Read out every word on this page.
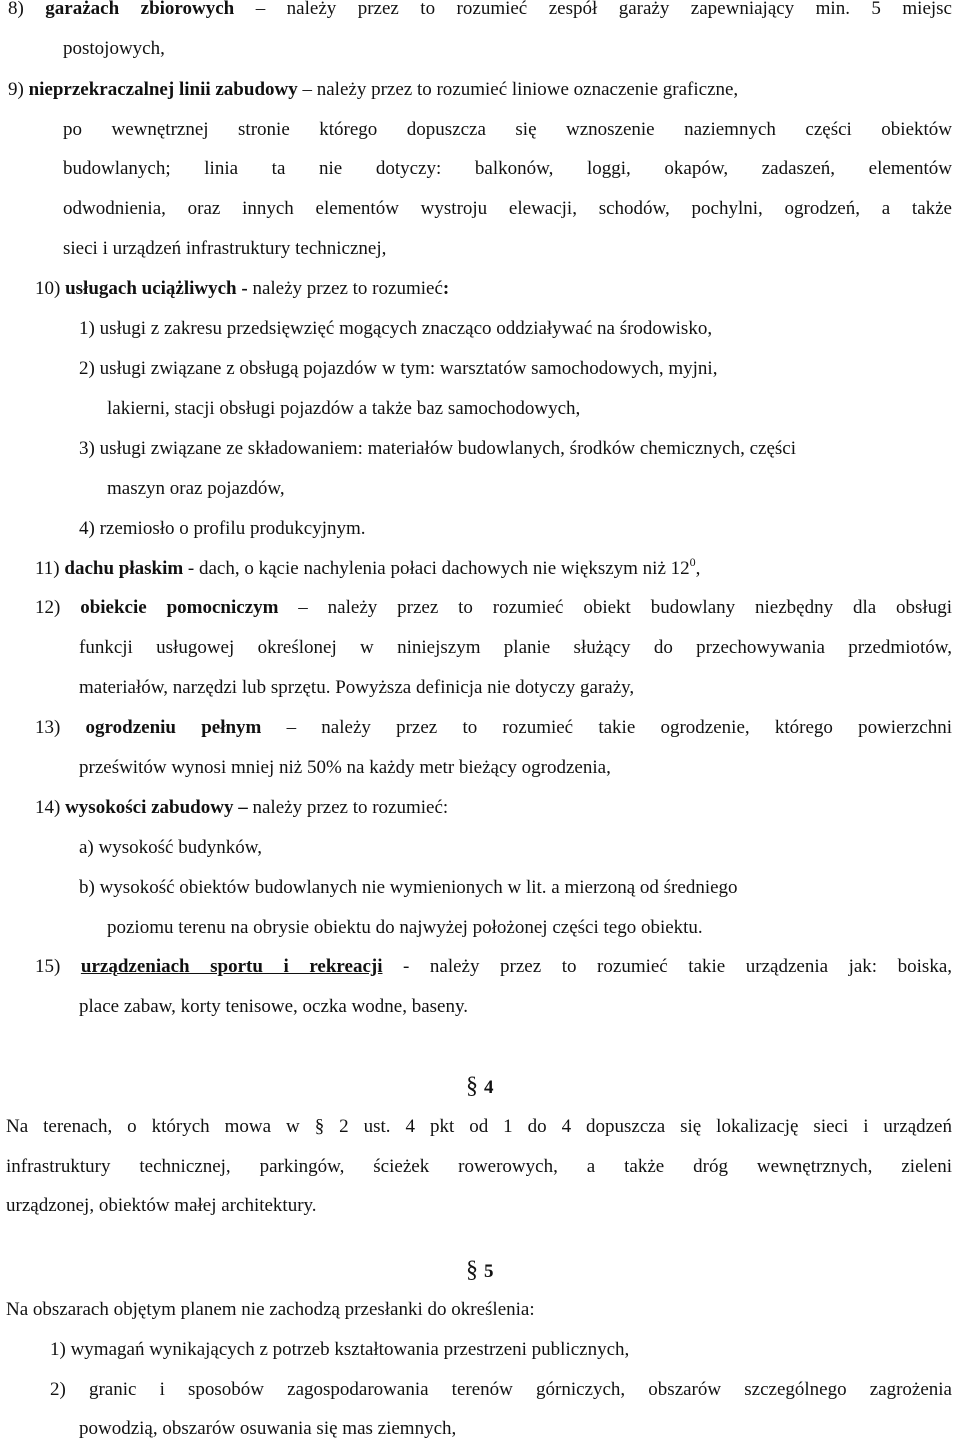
8) garażach zbiorowych – należy przez to rozumieć zespół garaży zapewniający min. 5 miejsc
postojowych,
9) nieprzekraczalnej linii zabudowy – należy przez to rozumieć liniowe oznaczenie graficzne,
po wewnętrznej stronie którego dopuszcza się wznoszenie naziemnych części obiektów
budowlanych; linia ta nie dotyczy: balkonów, loggi, okapów, zadaszeń, elementów
odwodnienia, oraz innych elementów wystroju elewacji, schodów, pochylni, ogrodzeń, a także
sieci i urządzeń infrastruktury technicznej,
10) usługach uciążliwych - należy przez to rozumieć:
1) usługi z zakresu przedsięwzięć mogących znacząco oddziaływać na środowisko,
2) usługi związane z obsługą pojazdów w tym: warsztatów samochodowych, myjni,
lakierni, stacji obsługi pojazdów a także baz samochodowych,
3) usługi związane ze składowaniem: materiałów budowlanych, środków chemicznych, części
maszyn oraz pojazdów,
4) rzemiosło o profilu produkcyjnym.
11) dachu płaskim - dach, o kącie nachylenia połaci dachowych nie większym niż $12^0$,
12) obiekcie pomocniczym – należy przez to rozumieć obiekt budowlany niezbędny dla obsługi
funkcji usługowej określonej w niniejszym planie służący do przechowywania przedmiotów,
materiałów, narzędzi lub sprzętu. Powyższa definicja nie dotyczy garaży,
13) ogrodzeniu pełnym – należy przez to rozumieć takie ogrodzenie, którego powierzchni
prześwitów wynosi mniej niż 50% na każdy metr bieżący ogrodzenia,
14) wysokości zabudowy – należy przez to rozumieć:
a) wysokość budynków,
b) wysokość obiektów budowlanych nie wymienionych w lit. a mierzoną od średniego
poziomu terenu na obrysie obiektu do najwyżej położonej części tego obiektu.
15) urządzeniach sportu i rekreacji - należy przez to rozumieć takie urządzenia jak: boiska,
place zabaw, korty tenisowe, oczka wodne, baseny.
§ 4
Na terenach, o których mowa w § 2 ust. 4 pkt od 1 do 4 dopuszcza się lokalizację sieci i urządzeń
infrastruktury technicznej, parkingów, ścieżek rowerowych, a także dróg wewnętrznych, zieleni
urządzonej, obiektów małej architektury.
§ 5
Na obszarach objętym planem nie zachodzą przesłanki do określenia:
1) wymagań wynikających z potrzeb kształtowania przestrzeni publicznych,
2) granic i sposobów zagospodarowania terenów górniczych, obszarów szczególnego zagrożenia
powodzią, obszarów osuwania się mas ziemnych,
